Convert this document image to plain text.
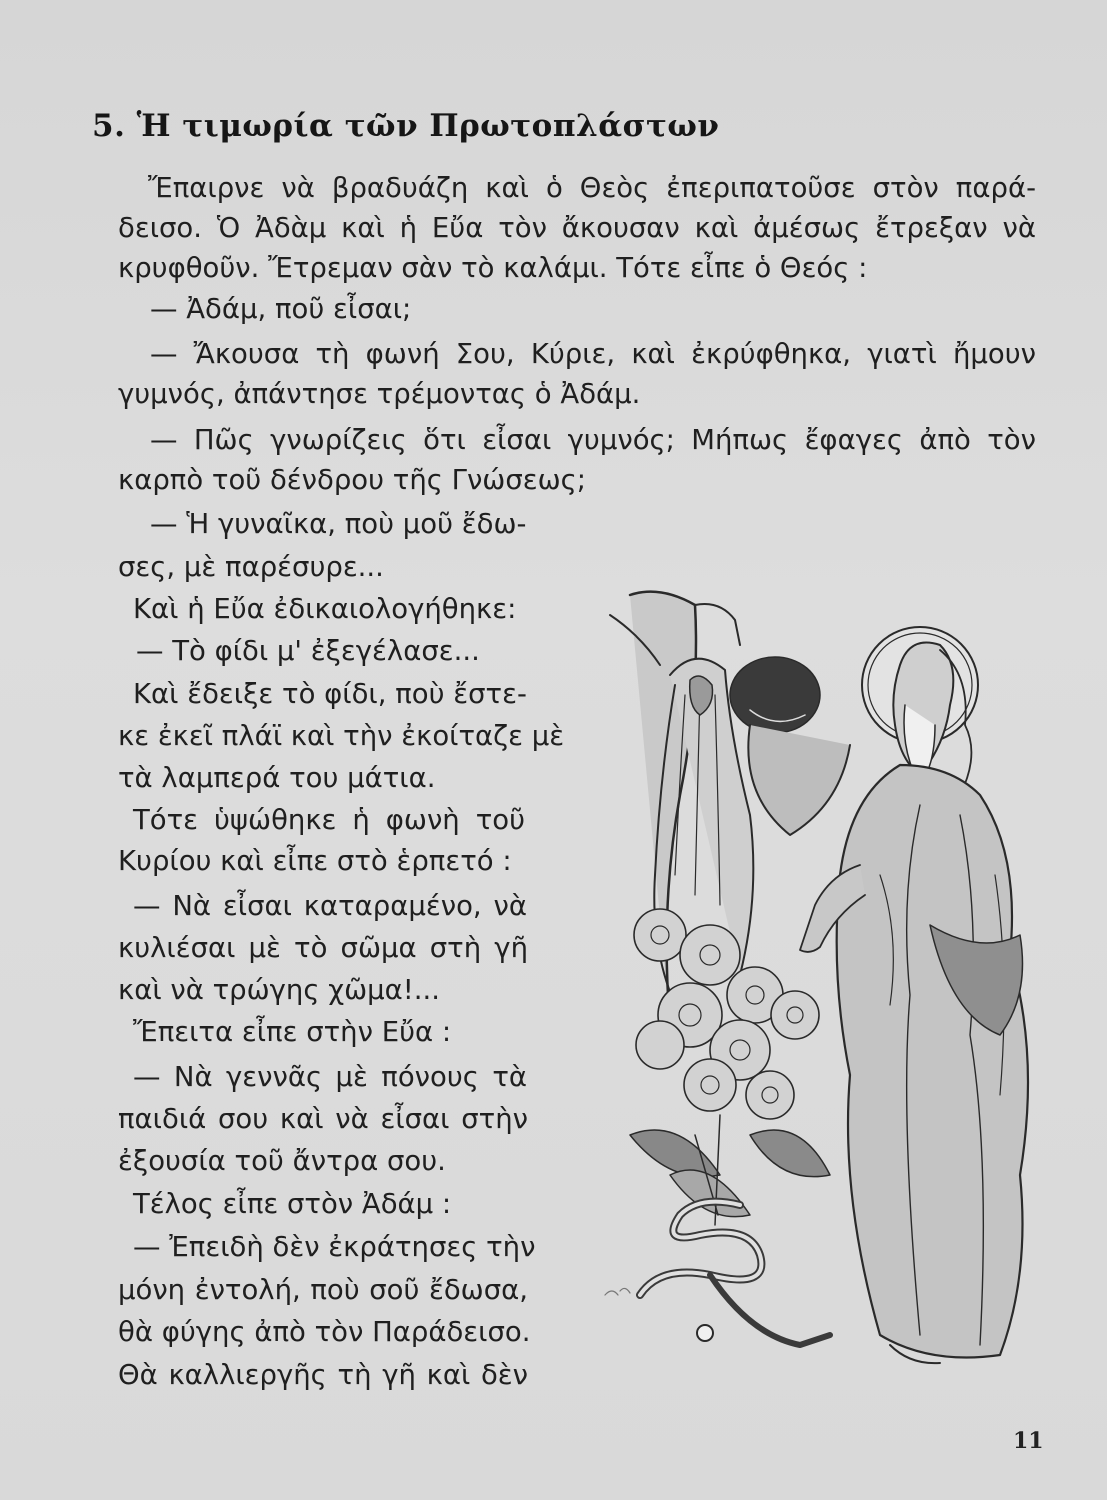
5. Ἡ τιμωρία τῶν Πρωτοπλάστων
Ἔπαιρνε νὰ βραδυάζη καὶ ὁ Θεὸς ἐπεριπατοῦσε στὸν παρά-
δεισο. Ὁ Ἀδὰμ καὶ ἡ Εὔα τὸν ἄκουσαν καὶ ἀμέσως ἔτρεξαν νὰ
κρυφθοῦν. Ἔτρεμαν σὰν τὸ καλάμι. Τότε εἶπε ὁ Θεός :
— Ἀδάμ, ποῦ εἶσαι;
— Ἄκουσα τὴ φωνή Σου, Κύριε, καὶ ἐκρύφθηκα, γιατὶ ἤμουν
γυμνός, ἀπάντησε τρέμοντας ὁ Ἀδάμ.
— Πῶς γνωρίζεις ὅτι εἶσαι γυμνός; Μήπως ἔφαγες ἀπὸ τὸν
καρπὸ τοῦ δένδρου τῆς Γνώσεως;
— Ἡ γυναῖκα, ποὺ μοῦ ἔδω-
σες, μὲ παρέσυρε...
Καὶ ἡ Εὔα ἐδικαιολογήθηκε:
— Τὸ φίδι μ' ἐξεγέλασε...
Καὶ ἔδειξε τὸ φίδι, ποὺ ἔστε-
κε ἐκεῖ πλάϊ καὶ τὴν ἐκοίταζε μὲ
τὰ λαμπερά του μάτια.
Τότε ὑψώθηκε ἡ φωνὴ τοῦ
Κυρίου καὶ εἶπε στὸ ἑρπετό :
— Νὰ εἶσαι καταραμένο, νὰ
κυλιέσαι μὲ τὸ σῶμα στὴ γῆ
καὶ νὰ τρώγης χῶμα!...
Ἔπειτα εἶπε στὴν Εὔα :
— Νὰ γεννᾶς μὲ πόνους τὰ
παιδιά σου καὶ νὰ εἶσαι στὴν
ἐξουσία τοῦ ἄντρα σου.
Τέλος εἶπε στὸν Ἀδάμ :
— Ἐπειδὴ δὲν ἐκράτησες τὴν
μόνη ἐντολή, ποὺ σοῦ ἔδωσα,
θὰ φύγης ἀπὸ τὸν Παράδεισο.
Θὰ καλλιεργῆς τὴ γῆ καὶ δὲν
11
